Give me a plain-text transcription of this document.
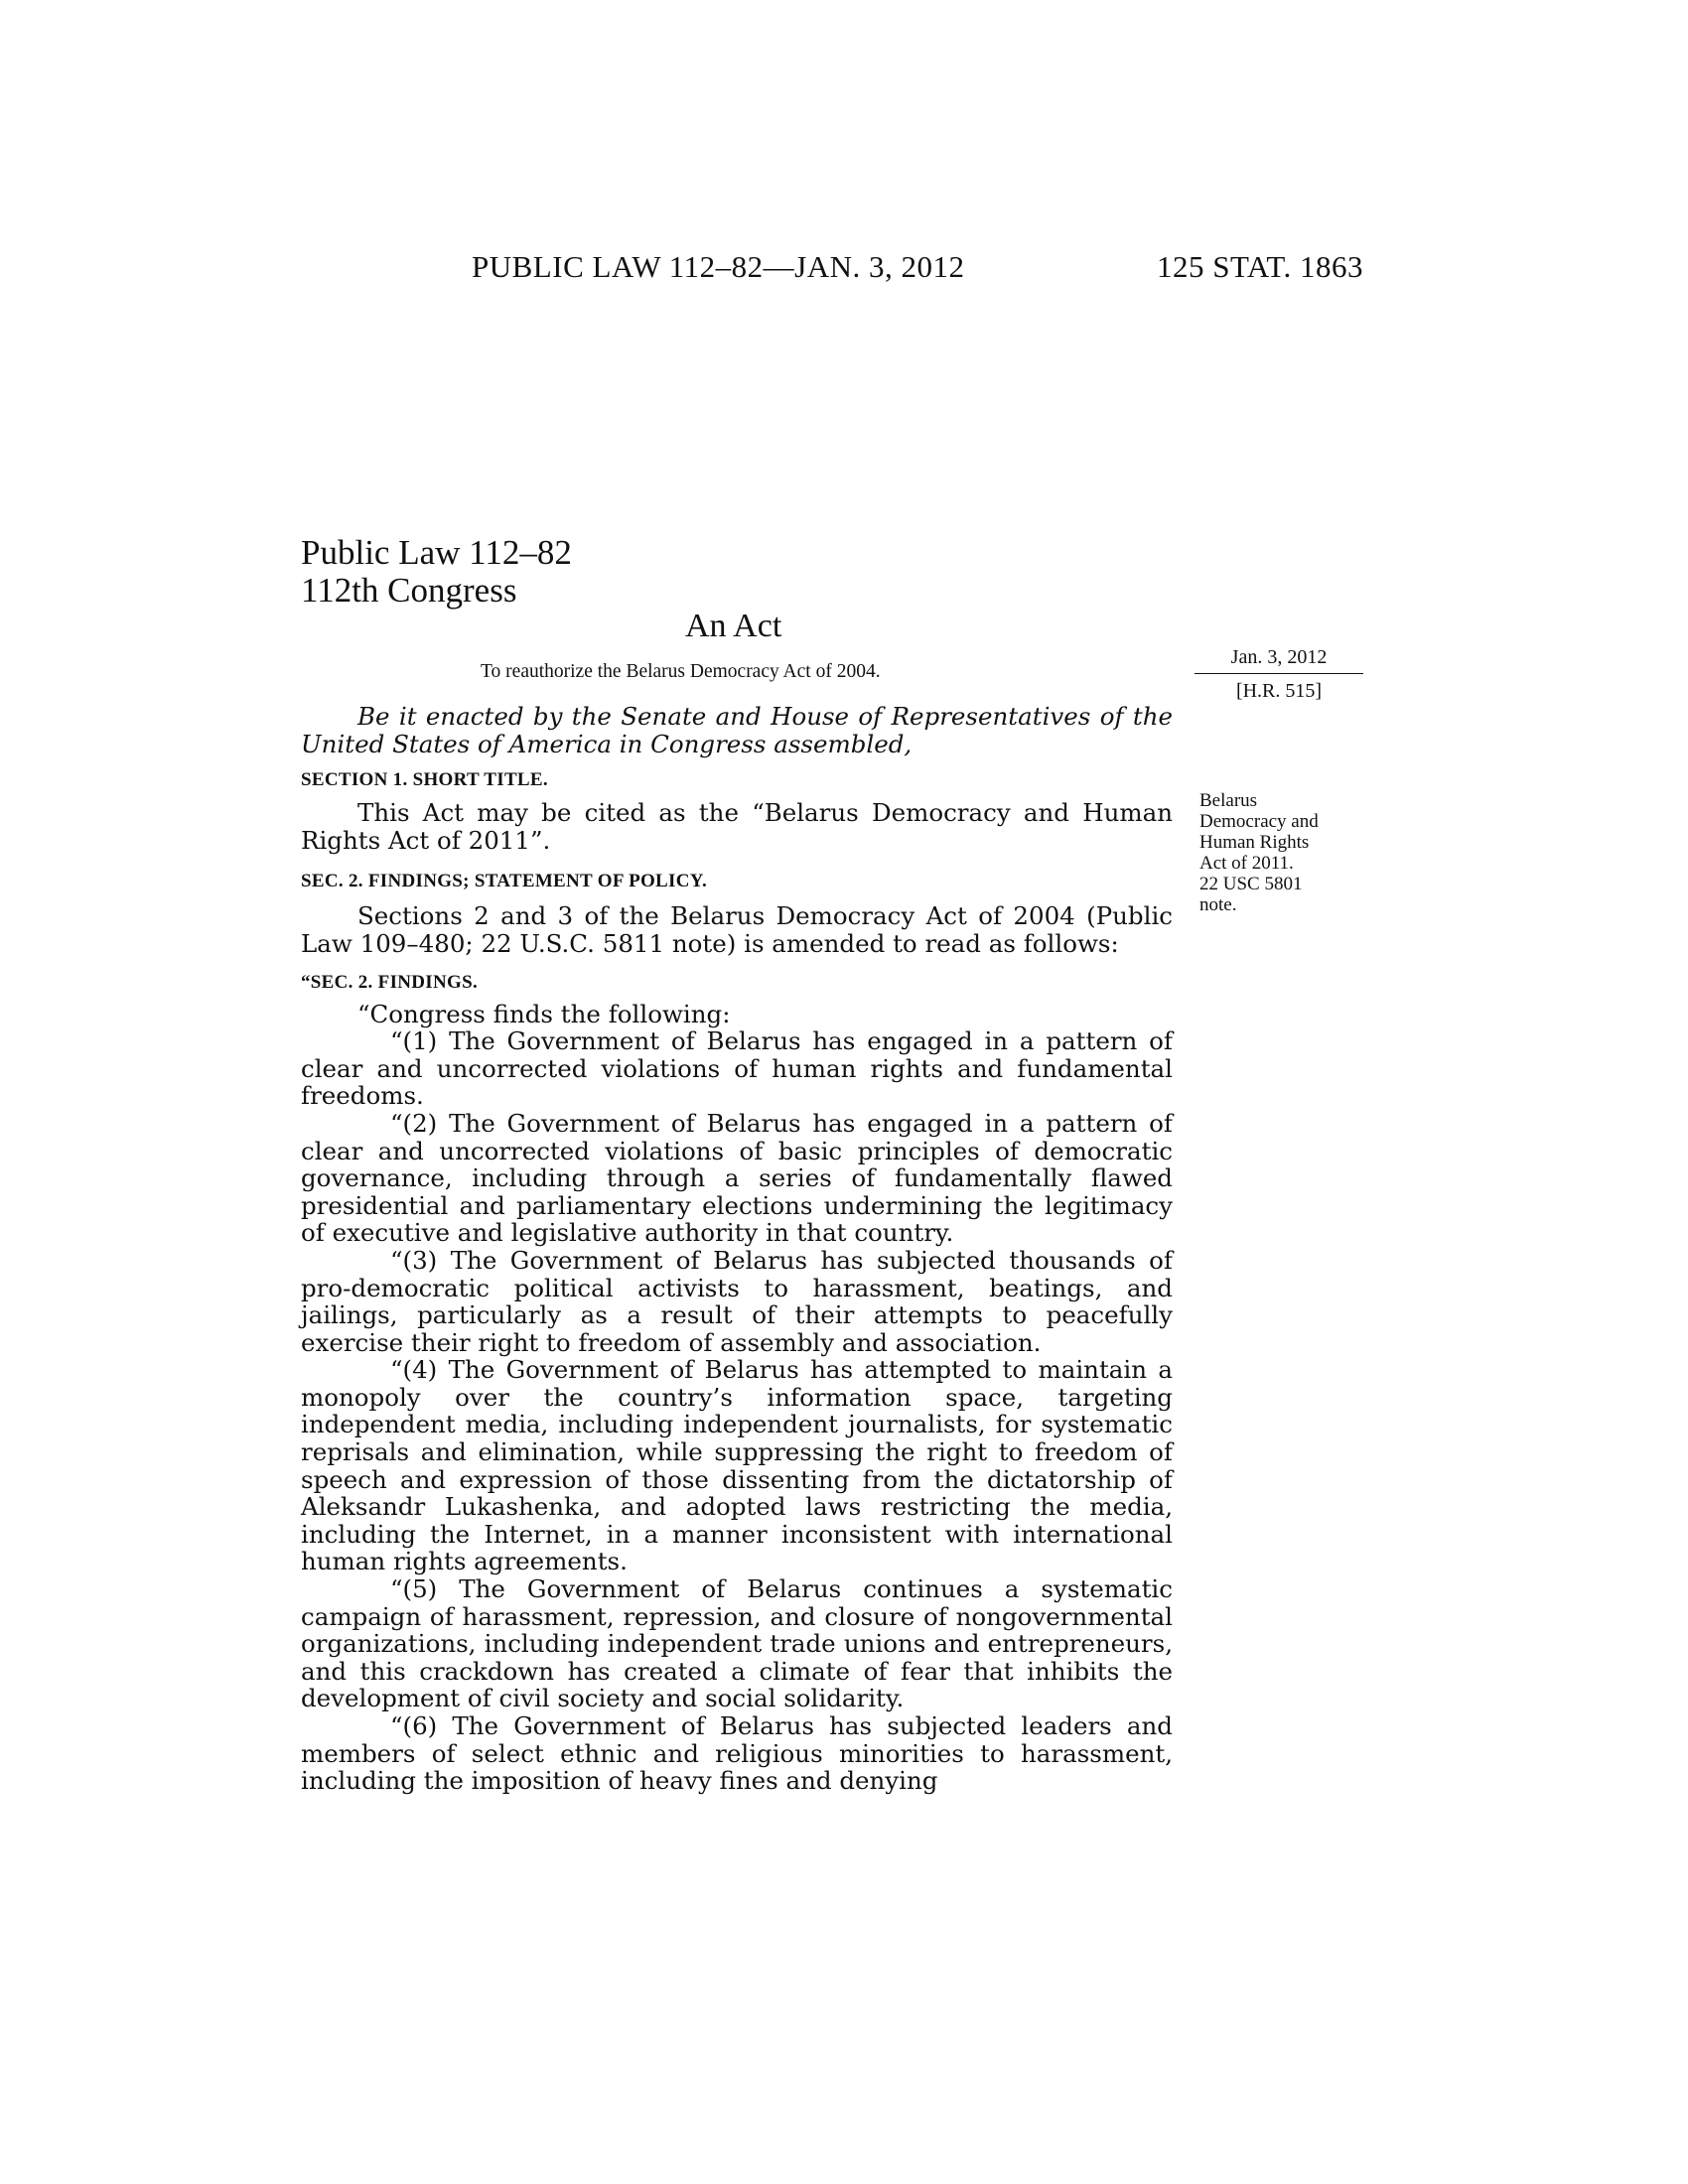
PUBLIC LAW 112–82—JAN. 3, 2012	125 STAT. 1863
Public Law 112–82
112th Congress
An Act
To reauthorize the Belarus Democracy Act of 2004.
Jan. 3, 2012
[H.R. 515]
Belarus
Democracy and
Human Rights
Act of 2011.
22 USC 5801
note.

Be it enacted by the Senate and House of Representatives of the United States of America in Congress assembled,

SECTION 1. SHORT TITLE.

This Act may be cited as the “Belarus Democracy and Human Rights Act of 2011”.

SEC. 2. FINDINGS; STATEMENT OF POLICY.

Sections 2 and 3 of the Belarus Democracy Act of 2004 (Public Law 109–480; 22 U.S.C. 5811 note) is amended to read as follows:

“SEC. 2. FINDINGS.

“Congress finds the following:

“(1) The Government of Belarus has engaged in a pattern of clear and uncorrected violations of human rights and fundamental freedoms.

“(2) The Government of Belarus has engaged in a pattern of clear and uncorrected violations of basic principles of democratic governance, including through a series of fundamentally flawed presidential and parliamentary elections undermining the legitimacy of executive and legislative authority in that country.

“(3) The Government of Belarus has subjected thousands of pro-democratic political activists to harassment, beatings, and jailings, particularly as a result of their attempts to peacefully exercise their right to freedom of assembly and association.

“(4) The Government of Belarus has attempted to maintain a monopoly over the country’s information space, targeting independent media, including independent journalists, for systematic reprisals and elimination, while suppressing the right to freedom of speech and expression of those dissenting from the dictatorship of Aleksandr Lukashenka, and adopted laws restricting the media, including the Internet, in a manner inconsistent with international human rights agreements.

“(5) The Government of Belarus continues a systematic campaign of harassment, repression, and closure of nongovernmental organizations, including independent trade unions and entrepreneurs, and this crackdown has created a climate of fear that inhibits the development of civil society and social solidarity.

“(6) The Government of Belarus has subjected leaders and members of select ethnic and religious minorities to harassment, including the imposition of heavy fines and denying
